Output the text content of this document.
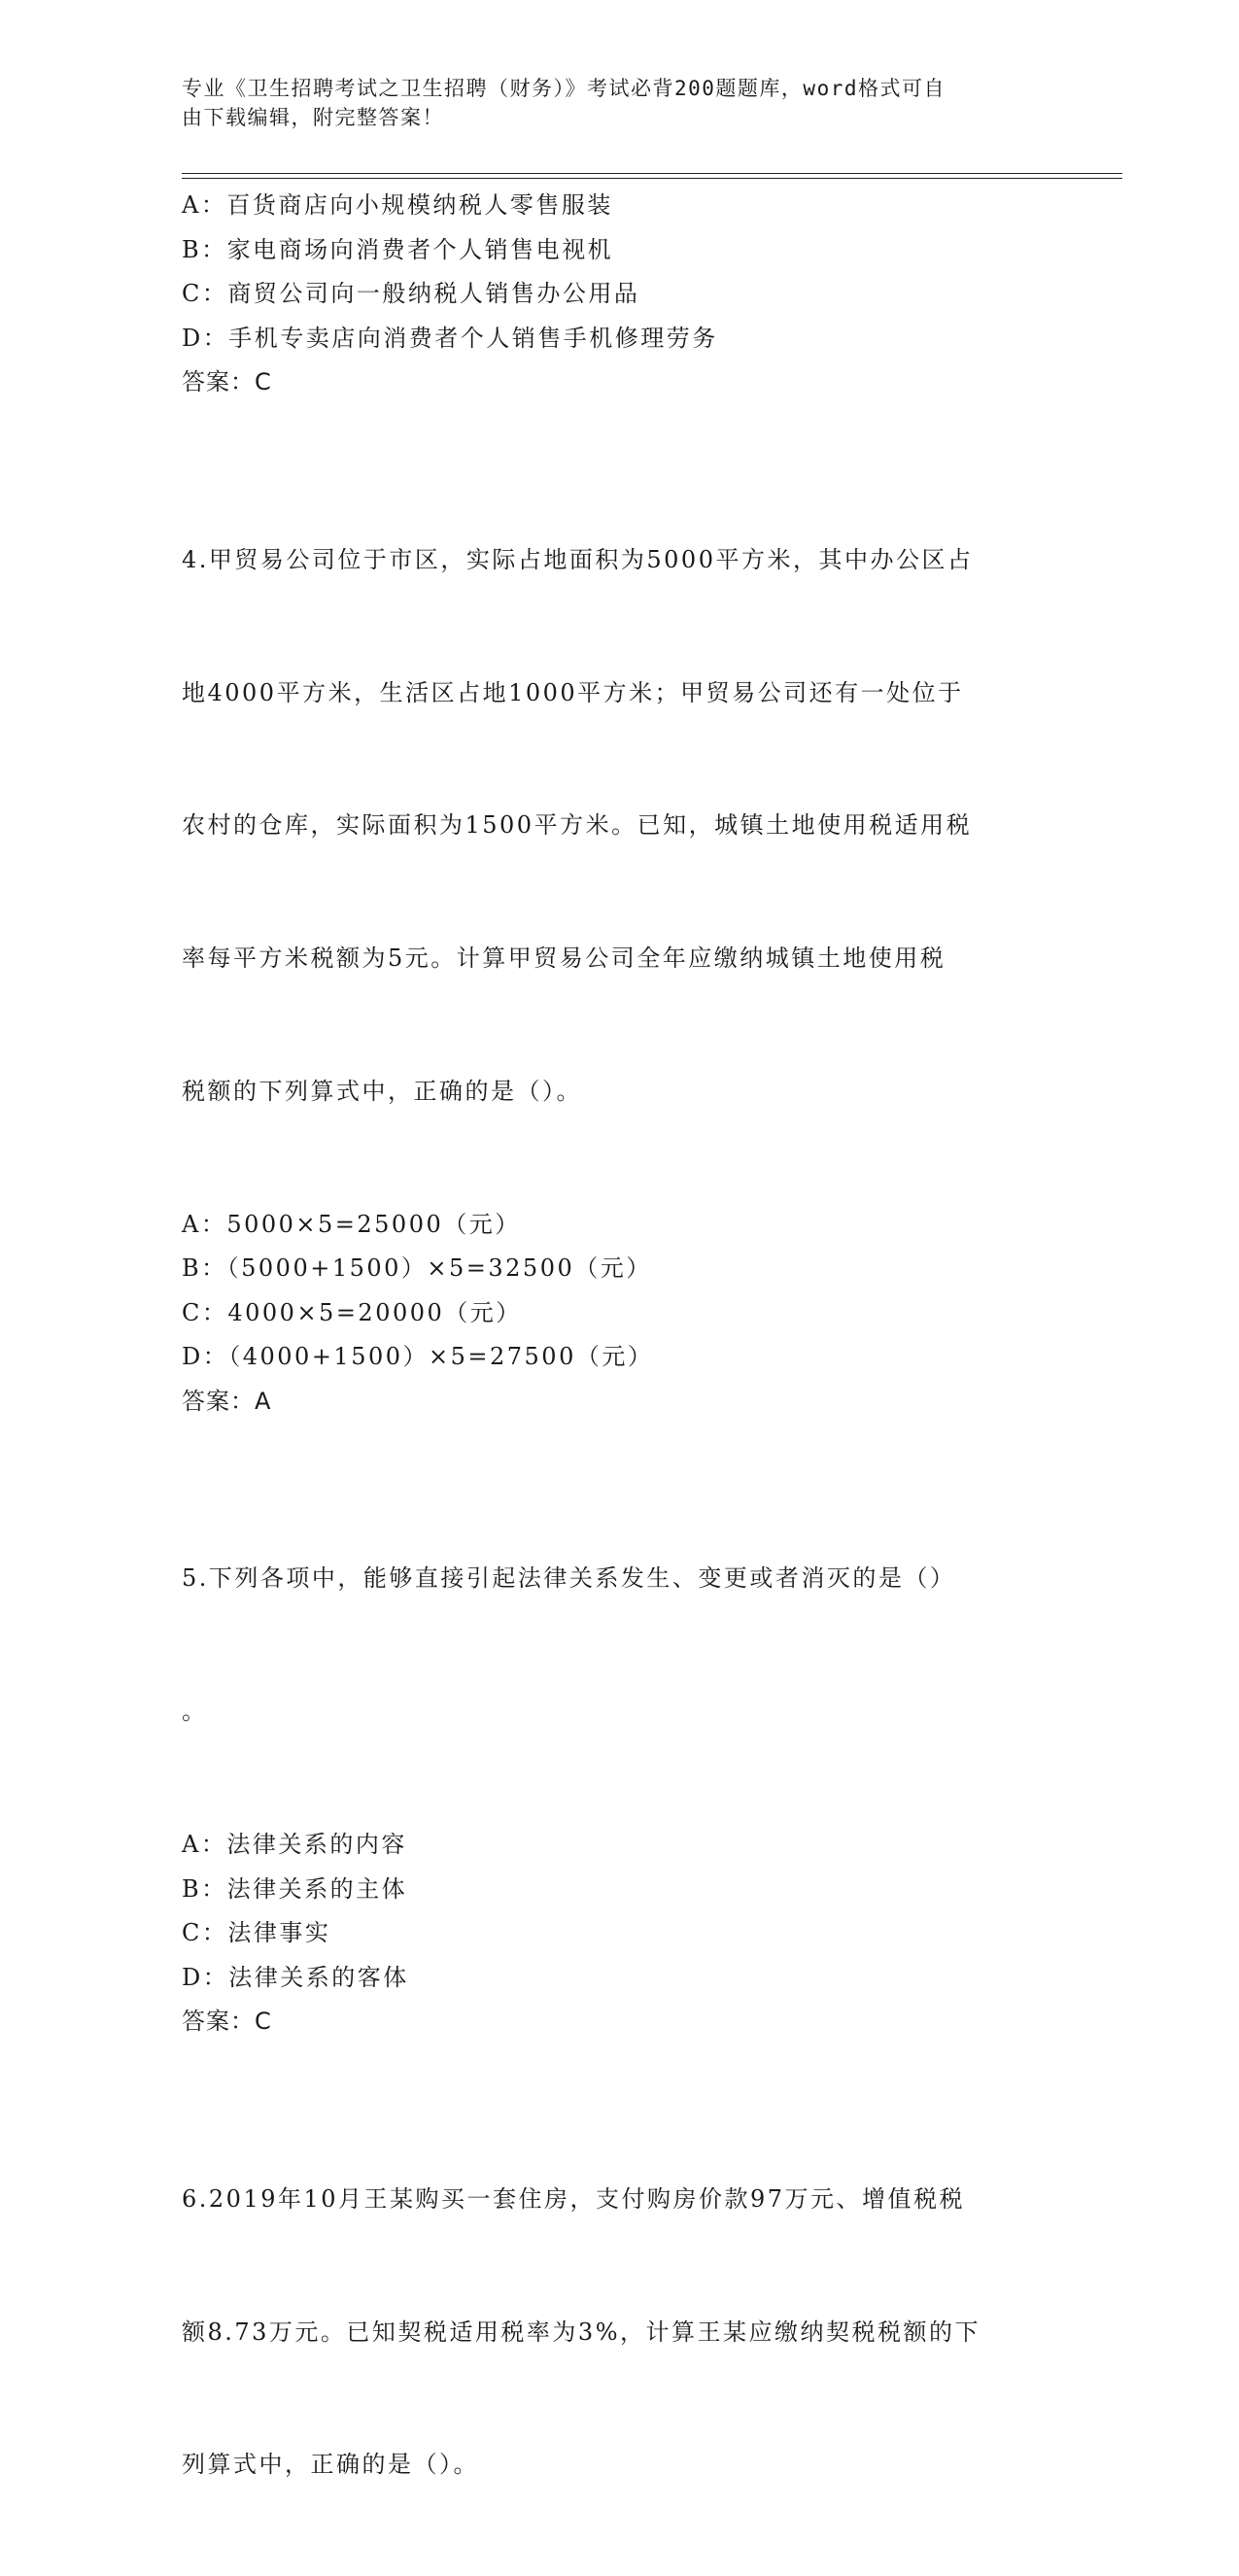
专业《卫生招聘考试之卫生招聘（财务）》考试必背200题题库，word格式可自
由下载编辑，附完整答案！
A：百货商店向小规模纳税人零售服装
B：家电商场向消费者个人销售电视机
C：商贸公司向一般纳税人销售办公用品
D：手机专卖店向消费者个人销售手机修理劳务
答案：C

4.甲贸易公司位于市区，实际占地面积为5000平方米，其中办公区占

地4000平方米，生活区占地1000平方米；甲贸易公司还有一处位于

农村的仓库，实际面积为1500平方米。已知，城镇土地使用税适用税

率每平方米税额为5元。计算甲贸易公司全年应缴纳城镇土地使用税

税额的下列算式中，正确的是（）。

A：5000×5=25000（元）
B：（5000+1500）×5=32500（元）
C：4000×5=20000（元）
D：（4000+1500）×5=27500（元）
答案：A

5.下列各项中，能够直接引起法律关系发生、变更或者消灭的是（）

。

A：法律关系的内容
B：法律关系的主体
C：法律事实
D：法律关系的客体
答案：C

6.2019年10月王某购买一套住房，支付购房价款97万元、增值税税

额8.73万元。已知契税适用税率为3%，计算王某应缴纳契税税额的下

列算式中，正确的是（）。
